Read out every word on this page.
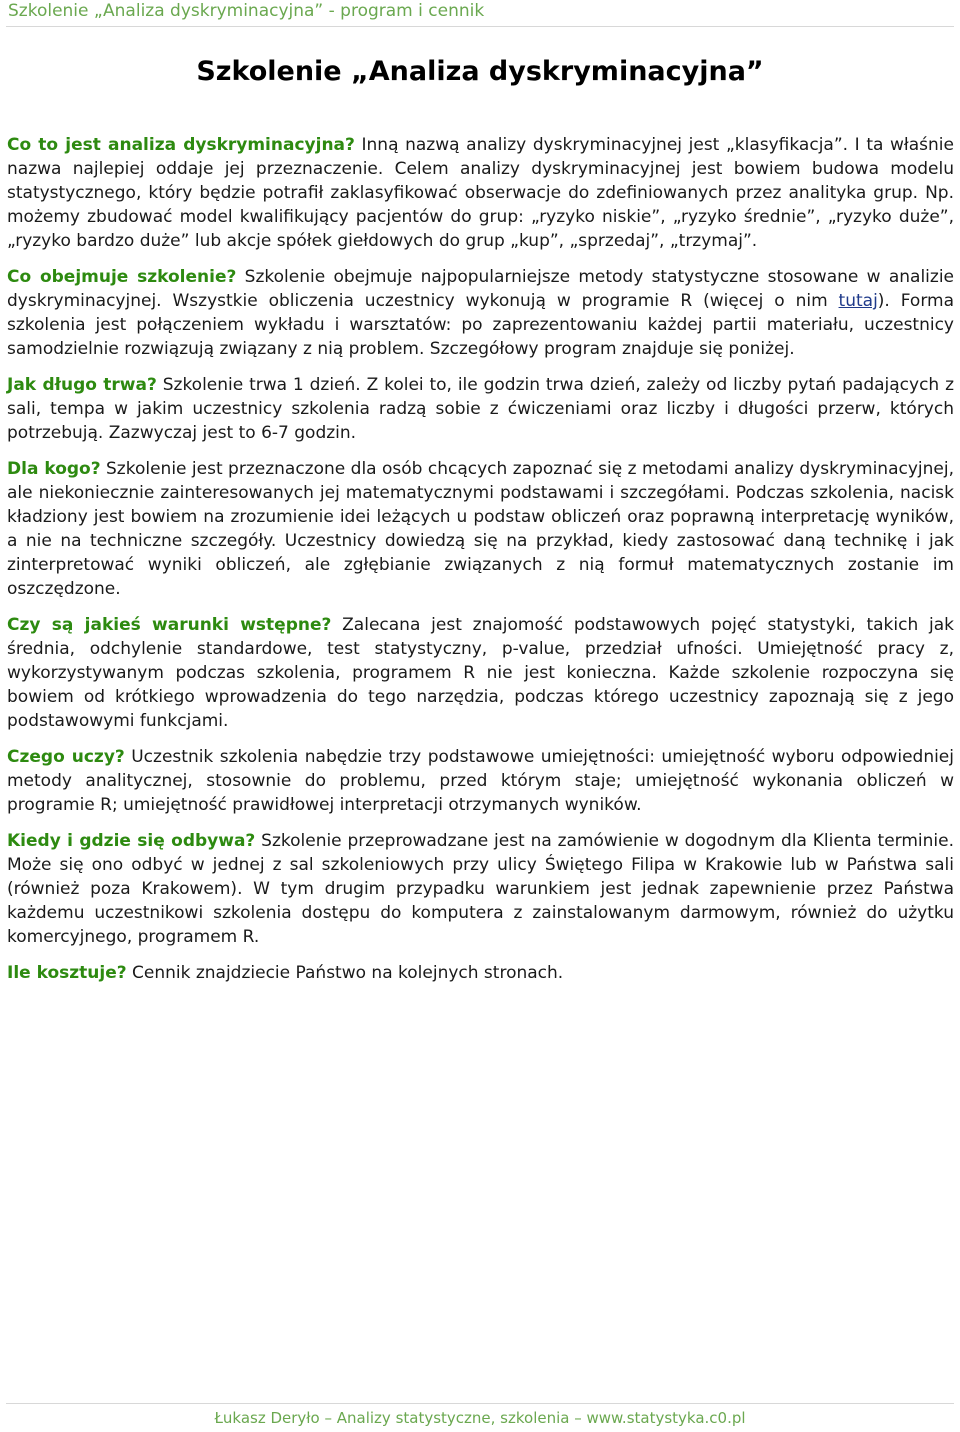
Szkolenie „Analiza dyskryminacyjna” - program i cennik
Szkolenie „Analiza dyskryminacyjna”

Co to jest analiza dyskryminacyjna? Inną nazwą analizy dyskryminacyjnej jest „klasyfikacja”. I ta właśnie nazwa najlepiej oddaje jej przeznaczenie. Celem analizy dyskryminacyjnej jest bowiem budowa modelu statystycznego, który będzie potrafił zaklasyfikować obserwacje do zdefiniowanych przez analityka grup. Np. możemy zbudować model kwalifikujący pacjentów do grup: „ryzyko niskie”, „ryzyko średnie”, „ryzyko duże”, „ryzyko bardzo duże” lub akcje spółek giełdowych do grup „kup”, „sprzedaj”, „trzymaj”.

Co obejmuje szkolenie? Szkolenie obejmuje najpopularniejsze metody statystyczne stosowane w analizie dyskryminacyjnej. Wszystkie obliczenia uczestnicy wykonują w programie R (więcej o nim tutaj). Forma szkolenia jest połączeniem wykładu i warsztatów: po zaprezentowaniu każdej partii materiału, uczestnicy samodzielnie rozwiązują związany z nią problem. Szczegółowy program znajduje się poniżej.

Jak długo trwa? Szkolenie trwa 1 dzień. Z kolei to, ile godzin trwa dzień, zależy od liczby pytań padających z sali, tempa w jakim uczestnicy szkolenia radzą sobie z ćwiczeniami oraz liczby i długości przerw, których potrzebują. Zazwyczaj jest to 6-7 godzin.

Dla kogo? Szkolenie jest przeznaczone dla osób chcących zapoznać się z metodami analizy dyskryminacyjnej, ale niekoniecznie zainteresowanych jej matematycznymi podstawami i szczegółami. Podczas szkolenia, nacisk kładziony jest bowiem na zrozumienie idei leżących u podstaw obliczeń oraz poprawną interpretację wyników, a nie na techniczne szczegóły. Uczestnicy dowiedzą się na przykład, kiedy zastosować daną technikę i jak zinterpretować wyniki obliczeń, ale zgłębianie związanych z nią formuł matematycznych zostanie im oszczędzone.

Czy są jakieś warunki wstępne? Zalecana jest znajomość podstawowych pojęć statystyki, takich jak średnia, odchylenie standardowe, test statystyczny, p-value, przedział ufności. Umiejętność pracy z, wykorzystywanym podczas szkolenia, programem R nie jest konieczna. Każde szkolenie rozpoczyna się bowiem od krótkiego wprowadzenia do tego narzędzia, podczas którego uczestnicy zapoznają się z jego podstawowymi funkcjami.

Czego uczy? Uczestnik szkolenia nabędzie trzy podstawowe umiejętności: umiejętność wyboru odpowiedniej metody analitycznej, stosownie do problemu, przed którym staje; umiejętność wykonania obliczeń w programie R; umiejętność prawidłowej interpretacji otrzymanych wyników.

Kiedy i gdzie się odbywa? Szkolenie przeprowadzane jest na zamówienie w dogodnym dla Klienta terminie. Może się ono odbyć w jednej z sal szkoleniowych przy ulicy Świętego Filipa w Krakowie lub w Państwa sali (również poza Krakowem). W tym drugim przypadku warunkiem jest jednak zapewnienie przez Państwa każdemu uczestnikowi szkolenia dostępu do komputera z zainstalowanym darmowym, również do użytku komercyjnego, programem R.

Ile kosztuje? Cennik znajdziecie Państwo na kolejnych stronach.

Łukasz Deryło – Analizy statystyczne, szkolenia – www.statystyka.c0.pl
